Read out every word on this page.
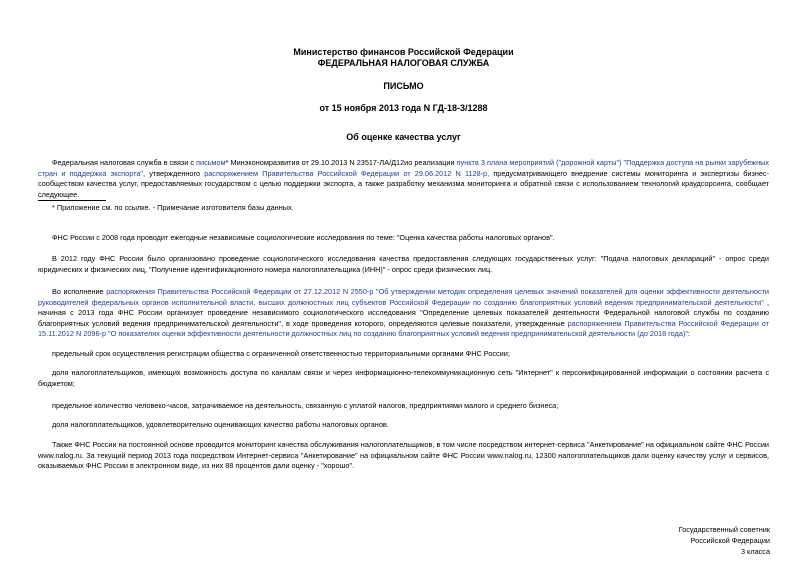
Министерство финансов Российской Федерации
ФЕДЕРАЛЬНАЯ НАЛОГОВАЯ СЛУЖБА
ПИСЬМО
от 15 ноября 2013 года N ГД-18-3/1288
Об оценке качества услуг

Федеральная налоговая служба в связи с письмом* Минэкономразвития от 29.10.2013 N 23517-ЛА/Д12ио реализации пункта 3 плана мероприятий ("дорожной карты") "Поддержка доступа на рынки зарубежных стран и поддержка экспорта", утвержденного распоряжением Правительства Российской Федерации от 29.06.2012 N 1128-р, предусматривающего внедрение системы мониторинга и экспертизы бизнес-сообществом качества услуг, предоставляемых государством с целью поддержки экспорта, а также разработку механизма мониторинга и обратной связи с использованием технологий краудсорсинга, сообщает следующее.

* Приложение см. по ссылке. - Примечание изготовителя базы данных.

ФНС России с 2008 года проводит ежегодные независимые социологические исследования по теме: "Оценка качества работы налоговых органов".

В 2012 году ФНС России было организовано проведение социологического исследования качества предоставления следующих государственных услуг: "Подача налоговых деклараций" - опрос среди юридических и физических лиц, "Получение идентификационного номера налогоплательщика (ИНН)" - опрос среди физических лиц.

Во исполнение распоряжения Правительства Российской Федерации от 27.12.2012 N 2550-р "Об утверждении методик определения целевых значений показателей для оценки эффективности деятельности руководителей федеральных органов исполнительной власти, высших должностных лиц субъектов Российской Федерации по созданию благоприятных условий ведения предпринимательской деятельности" , начиная с 2013 года ФНС России организует проведение независимого социологического исследования "Определение целевых показателей деятельности Федеральной налоговой службы по созданию благоприятных условий ведения предпринимательской деятельности", в ходе проведения которого, определяются целевые показатели, утвержденные распоряжением Правительства Российской Федерации от 15.11.2012 N 2096-р "О показателях оценки эффективности деятельности должностных лиц по созданию благоприятных условий ведения предпринимательской деятельности (до 2018 года)":

предельный срок осуществления регистрации общества с ограниченной ответственностью территориальными органами ФНС России;

доля налогоплательщиков, имеющих возможность доступа по каналам связи и через информационно-телекоммуникационную сеть "Интернет" к персонифицированной информации о состоянии расчета с бюджетом;

предельное количество человеко-часов, затрачиваемое на деятельность, связанную с уплатой налогов, предприятиями малого и среднего бизнеса;

доля налогоплательщиков, удовлетворительно оценивающих качество работы налоговых органов.

Также ФНС России на постоянной основе проводится мониторинг качества обслуживания налогоплательщиков, в том числе посредством интернет-сервиса "Анкетирование" на официальном сайте ФНС России www.nalog.ru. За текущий период 2013 года посредством Интернет-сервиса "Анкетирование" на официальном сайте ФНС России www.nalog.ru, 12300 налогоплательщиков дали оценку качеству услуг и сервисов, оказываемых ФНС России в электронном виде, из них 88 процентов дали оценку - "хорошо".

Государственный советник
Российской Федерации
3 класса
